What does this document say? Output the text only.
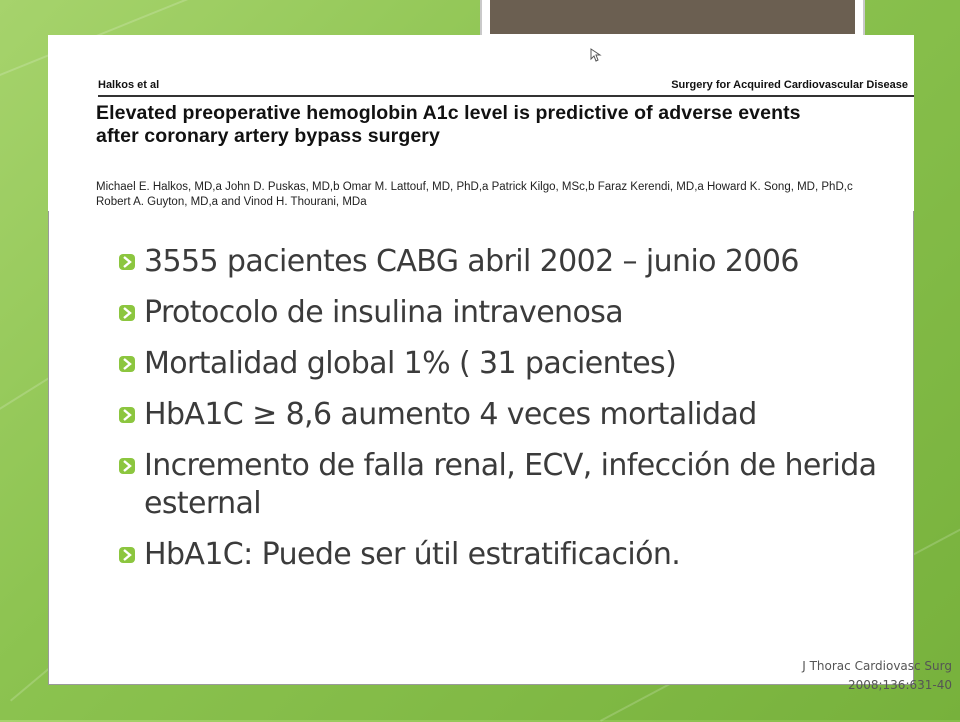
Halkos et al	Surgery for Acquired Cardiovascular Disease
Elevated preoperative hemoglobin A1c level is predictive of adverse events after coronary artery bypass surgery
Michael E. Halkos, MD,a John D. Puskas, MD,b Omar M. Lattouf, MD, PhD,a Patrick Kilgo, MSc,b Faraz Kerendi, MD,a Howard K. Song, MD, PhD,c Robert A. Guyton, MD,a and Vinod H. Thourani, MDa
3555 pacientes CABG abril 2002 – junio 2006
Protocolo de insulina intravenosa
Mortalidad global 1% ( 31 pacientes)
HbA1C ≥ 8,6 aumento 4 veces mortalidad
Incremento de falla renal, ECV, infección de herida esternal
HbA1C: Puede ser útil estratificación.
J Thorac Cardiovasc Surg
2008;136:631-40
